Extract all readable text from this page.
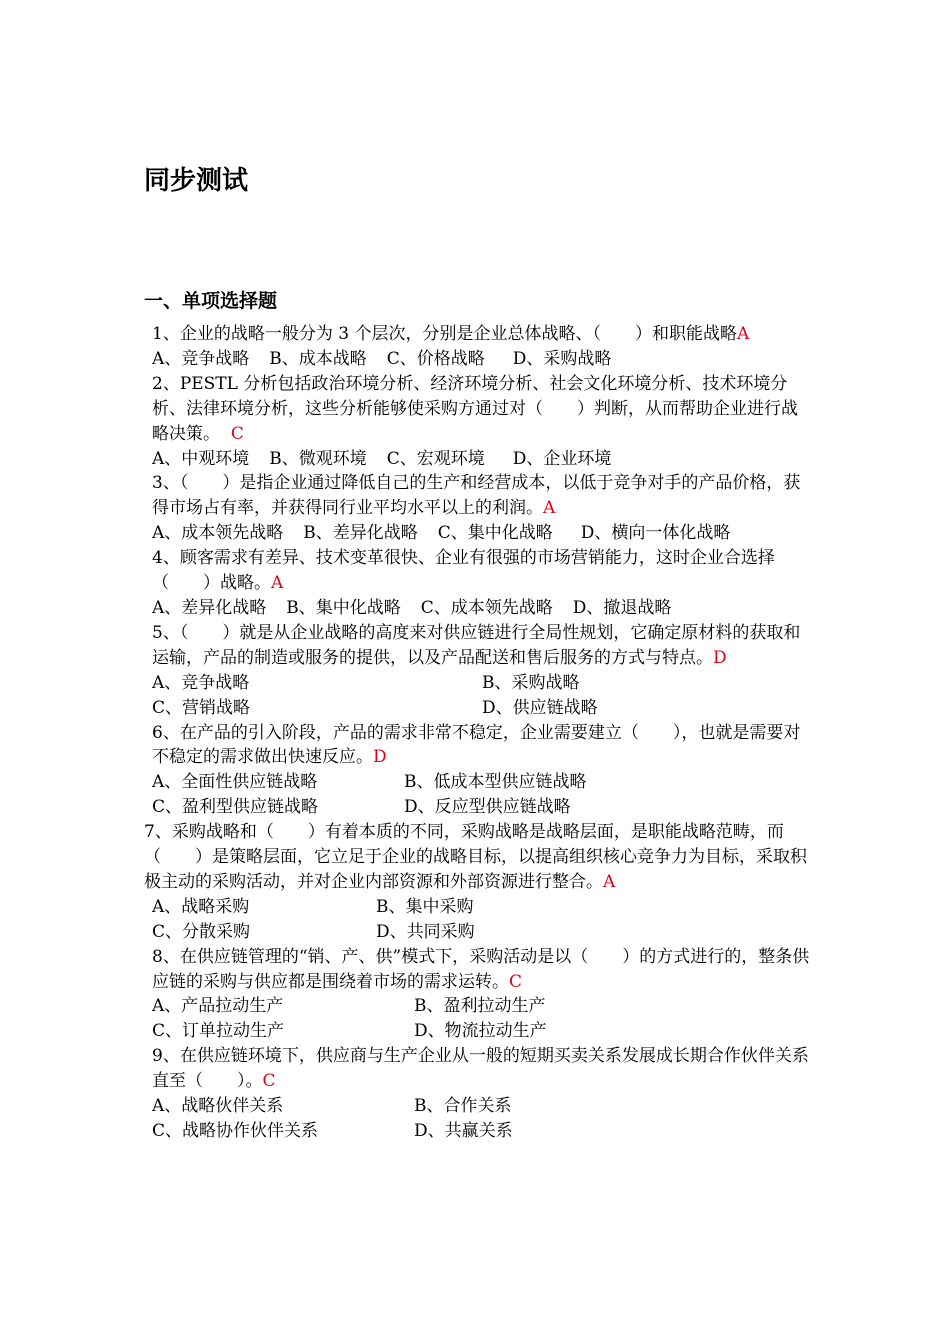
同步测试
一、单项选择题

1、企业的战略一般分为 3 个层次，分别是企业总体战略、（　　）和职能战略A

A、竞争战略 B、成本战略 C、价格战略 D、采购战略

2、PESTL 分析包括政治环境分析、经济环境分析、社会文化环境分析、技术环境分析、法律环境分析，这些分析能够使采购方通过对（　　）判断，从而帮助企业进行战略决策。 C

A、中观环境 B、微观环境 C、宏观环境 D、企业环境

3、（　　）是指企业通过降低自己的生产和经营成本，以低于竞争对手的产品价格，获得市场占有率，并获得同行业平均水平以上的利润。A

A、成本领先战略 B、差异化战略 C、集中化战略 D、横向一体化战略

4、顾客需求有差异、技术变革很快、企业有很强的市场营销能力，这时企业合选择（　　）战略。A

A、差异化战略 B、集中化战略 C、成本领先战略 D、撤退战略

5、（　　）就是从企业战略的高度来对供应链进行全局性规划，它确定原材料的获取和运输，产品的制造或服务的提供，以及产品配送和售后服务的方式与特点。D

A、竞争战略	B、采购战略
C、营销战略	D、供应链战略

6、在产品的引入阶段，产品的需求非常不稳定，企业需要建立（　　），也就是需要对不稳定的需求做出快速反应。D

A、全面性供应链战略	B、低成本型供应链战略
C、盈利型供应链战略	D、反应型供应链战略

7、采购战略和（　　）有着本质的不同，采购战略是战略层面，是职能战略范畴，而（　　）是策略层面，它立足于企业的战略目标，以提高组织核心竞争力为目标，采取积极主动的采购活动，并对企业内部资源和外部资源进行整合。A

A、战略采购	B、集中采购
C、分散采购	D、共同采购

8、在供应链管理的“销、产、供”模式下，采购活动是以（　　）的方式进行的，整条供应链的采购与供应都是围绕着市场的需求运转。C

A、产品拉动生产	B、盈利拉动生产
C、订单拉动生产	D、物流拉动生产

9、在供应链环境下，供应商与生产企业从一般的短期买卖关系发展成长期合作伙伴关系直至（　　）。C

A、战略伙伴关系	B、合作关系
C、战略协作伙伴关系	D、共赢关系
